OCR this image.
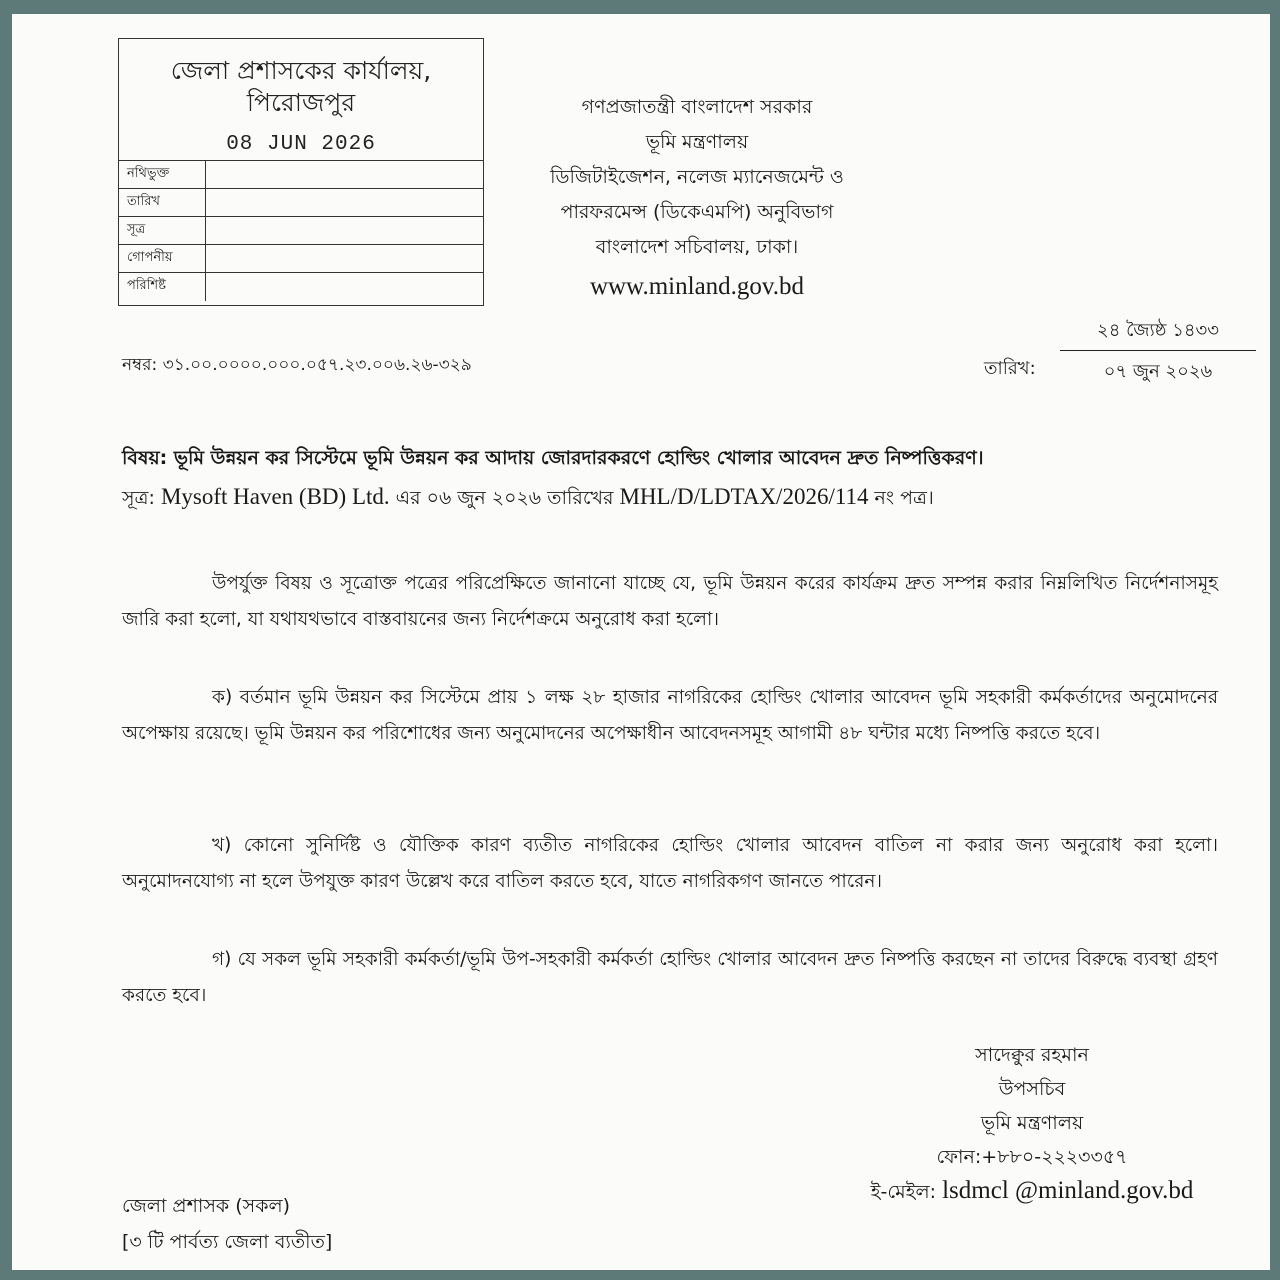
জেলা প্রশাসকের কার্যালয়,
পিরোজপুর
08 JUN 2026
নথিভুক্ত	
তারিখ	
সূত্র	
গোপনীয়	
পরিশিষ্ট	
গণপ্রজাতন্ত্রী বাংলাদেশ সরকার
ভূমি মন্ত্রণালয়
ডিজিটাইজেশন, নলেজ ম্যানেজমেন্ট ও
পারফরমেন্স (ডিকেএমপি) অনুবিভাগ
বাংলাদেশ সচিবালয়, ঢাকা।
www.minland.gov.bd
নম্বর: ৩১.০০.০০০০.০০০.০৫৭.২৩.০০৬.২৬-৩২৯	তারিখ:
২৪ জ্যৈষ্ঠ ১৪৩৩
০৭ জুন ২০২৬
বিষয়: ভূমি উন্নয়ন কর সিস্টেমে ভূমি উন্নয়ন কর আদায় জোরদারকরণে হোল্ডিং খোলার আবেদন দ্রুত নিষ্পত্তিকরণ।
সূত্র: Mysoft Haven (BD) Ltd. এর ০৬ জুন ২০২৬ তারিখের MHL/D/LDTAX/2026/114 নং পত্র।
উপর্যুক্ত বিষয় ও সূত্রোক্ত পত্রের পরিপ্রেক্ষিতে জানানো যাচ্ছে যে, ভূমি উন্নয়ন করের কার্যক্রম দ্রুত সম্পন্ন করার নিম্নলিখিত নির্দেশনাসমূহ জারি করা হলো, যা যথাযথভাবে বাস্তবায়নের জন্য নির্দেশক্রমে অনুরোধ করা হলো।
ক) বর্তমান ভূমি উন্নয়ন কর সিস্টেমে প্রায় ১ লক্ষ ২৮ হাজার নাগরিকের হোল্ডিং খোলার আবেদন ভূমি সহকারী কর্মকর্তাদের অনুমোদনের অপেক্ষায় রয়েছে। ভূমি উন্নয়ন কর পরিশোধের জন্য অনুমোদনের অপেক্ষাধীন আবেদনসমূহ আগামী ৪৮ ঘন্টার মধ্যে নিষ্পত্তি করতে হবে।
খ) কোনো সুনির্দিষ্ট ও যৌক্তিক কারণ ব্যতীত নাগরিকের হোল্ডিং খোলার আবেদন বাতিল না করার জন্য অনুরোধ করা হলো। অনুমোদনযোগ্য না হলে উপযুক্ত কারণ উল্লেখ করে বাতিল করতে হবে, যাতে নাগরিকগণ জানতে পারেন।
গ) যে সকল ভূমি সহকারী কর্মকর্তা/ভূমি উপ-সহকারী কর্মকর্তা হোল্ডিং খোলার আবেদন দ্রুত নিষ্পত্তি করছেন না তাদের বিরুদ্ধে ব্যবস্থা গ্রহণ করতে হবে।
সাদেক্বুর রহমান
উপসচিব
ভূমি মন্ত্রণালয়
ফোন:+৮৮০-২২২৩৩৫৭
ই-মেইল: lsdmcl @minland.gov.bd
জেলা প্রশাসক (সকল)
[৩ টি পার্বত্য জেলা ব্যতীত]
